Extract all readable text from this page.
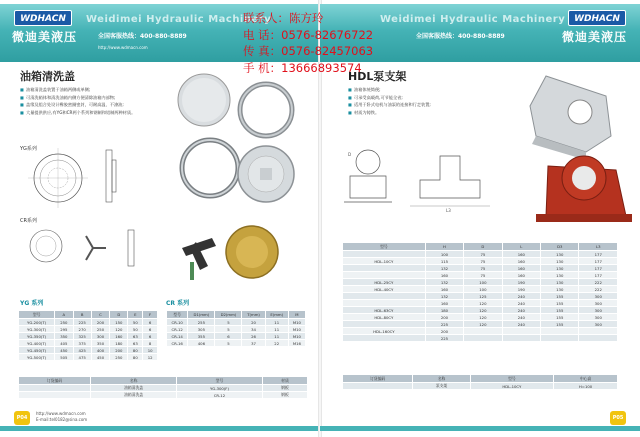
WDHACN
微迪美液压
Weidimei Hydraulic Machinery
全国客服热线：400-880-8889
http://www.wdmacn.com
油箱清洗盖
■ 油箱清洗盖装置于油箱两侧或单侧;
■ 可清洗箱体和清洗油箱内侧方便清除油箱内部物;
■ 盖缘及组合处设计橡胶密圈密封，可耐高温、不渗油;
■ 大量提供供应,有YG和CR两个系列和钢制和铝制两种材质。
YG系列
CR系列
YG 系列
型号	A	B	C	D	E	F
YG-200(T)	250	225	200	150	50	6
YG-300(T)	295	270	250	120	50	6
YG-350(T)	350	325	300	160	63	6
YG-400(T)	405	375	350	180	63	8
YG-450(T)	450	425	400	200	80	10
YG-500(T)	505	475	450	250	80	12
CR 系列
型号	D1(mm)	D2(mm)	T(mm)	E(mm)	M
CR-10	255	5	20	11	M10
CR-12	305	5	34	11	M10
CR-14	355	6	26	11	M10
CR-16	406	5	37	22	M16
订货编码	名称	型号	材质
	油箱清洗盖	YG-300(F)	钢板
	油箱清洗盖	CR-12	钢板
P04
http://www.wdmacn.com
E-mail:tel0182@sina.com
Weidimei Hydraulic Machinery
全国客服热线：400-880-8889
WDHACN
微迪美液压
HDL泵支架
■ 油箱体统简便;
■ 可承受高载荷,可节能全省;
■ 适用于卧式电机与油泵的连接和行走装置;
■ 材质为铸铁。
D
L3
型号	H	D	L	D3	L3
	100	75	160	130	177
HDL-10CY	115	75	160	130	177
	132	75	160	130	177
	160	75	160	130	177
HDL-25CY	132	100	190	130	222
HDL-40CY	160	100	190	130	222
	132	125	240	155	300
	160	120	240	155	300
HDL-63CY	180	120	240	155	300
HDL-80CY	200	120	240	155	300
	225	120	240	155	300
HDL-160CY	200				
	225				
订货编码	名称	型号	中心高
	泵支架	HDL-10CY	H=100
P05
联系人：陈方玲
电 话：0576-82676722
传 真：0576-82457063
手 机：13666893574
